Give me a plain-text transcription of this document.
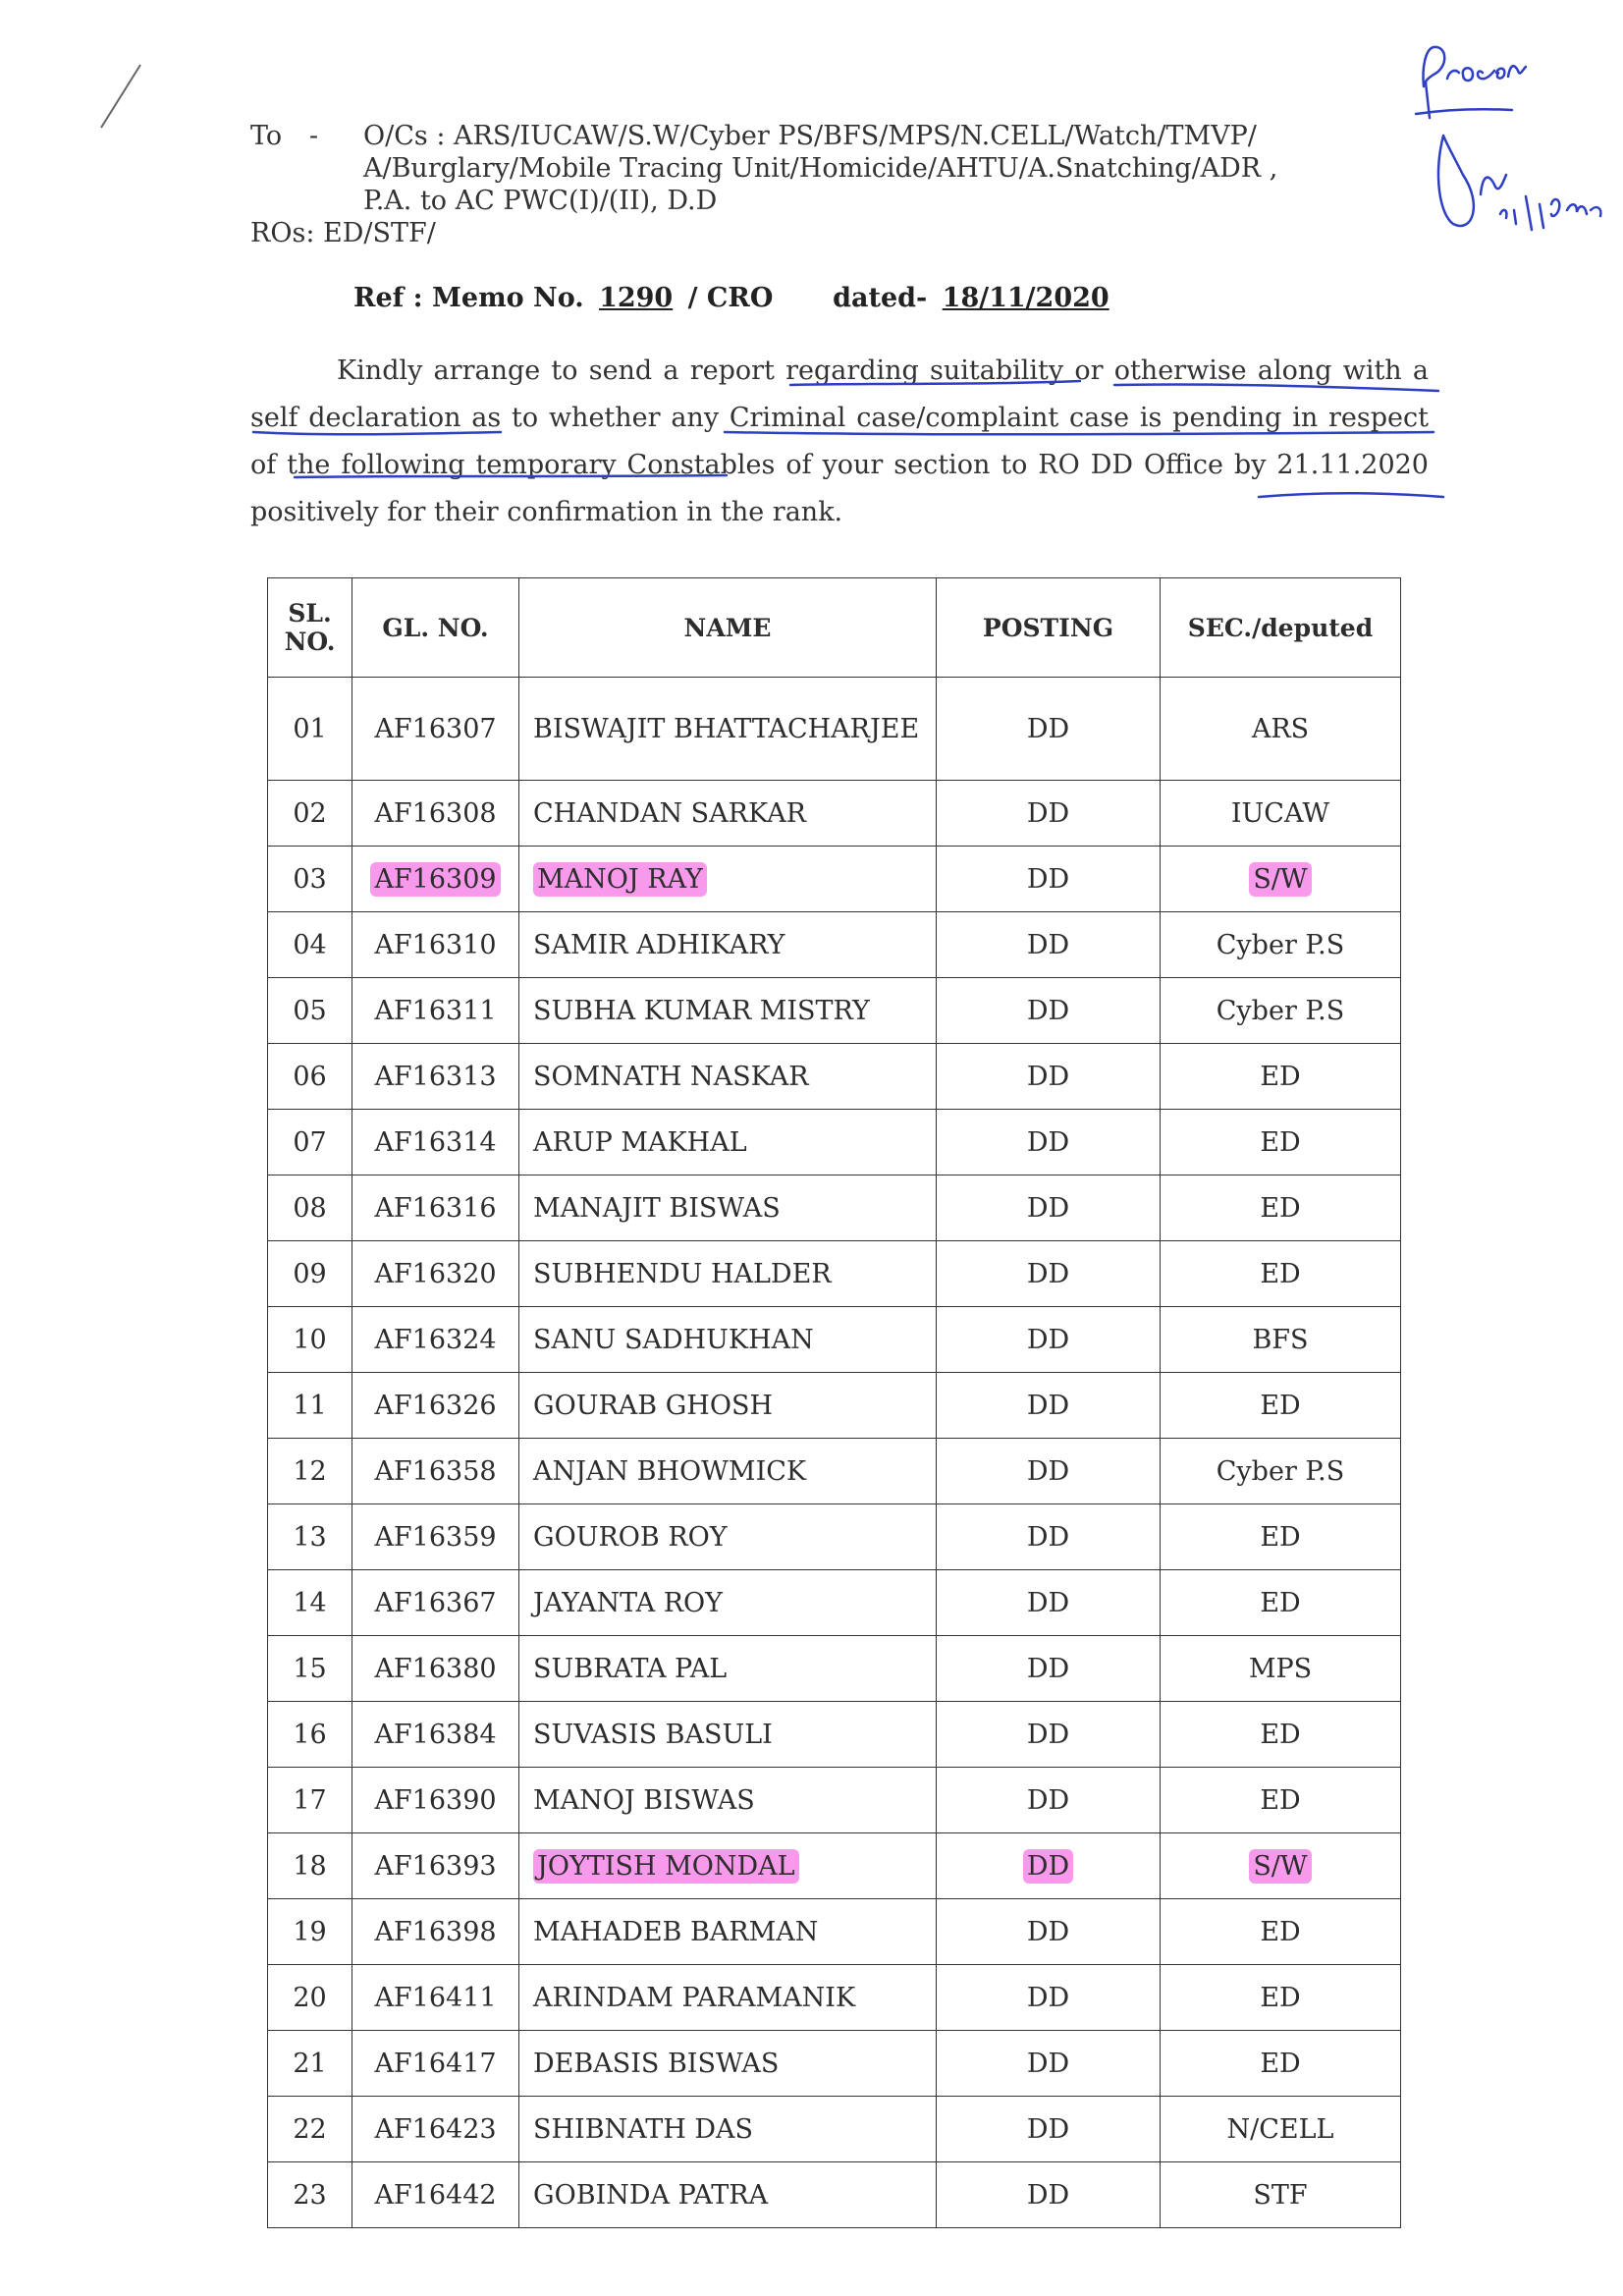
To	-	O/Cs : ARS/IUCAW/S.W/Cyber PS/BFS/MPS/N.CELL/Watch/TMVP/
A/Burglary/Mobile Tracing Unit/Homicide/AHTU/A.Snatching/ADR ,
P.A. to AC PWC(I)/(II), D.D
ROs: ED/STF/
Ref : Memo No. 1290 / CRO dated- 18/11/2020

Kindly arrange to send a report regarding suitability or otherwise along with a self declaration as to whether any Criminal case/complaint case is pending in respect of the following temporary Constables of your section to RO DD Office by 21.11.2020 positively for their confirmation in the rank.

SL. NO.	GL. NO.	NAME	POSTING	SEC./deputed
01	AF16307	BISWAJIT BHATTACHARJEE	DD	ARS
02	AF16308	CHANDAN SARKAR	DD	IUCAW
03	AF16309	MANOJ RAY	DD	S/W
04	AF16310	SAMIR ADHIKARY	DD	Cyber P.S
05	AF16311	SUBHA KUMAR MISTRY	DD	Cyber P.S
06	AF16313	SOMNATH NASKAR	DD	ED
07	AF16314	ARUP MAKHAL	DD	ED
08	AF16316	MANAJIT BISWAS	DD	ED
09	AF16320	SUBHENDU HALDER	DD	ED
10	AF16324	SANU SADHUKHAN	DD	BFS
11	AF16326	GOURAB GHOSH	DD	ED
12	AF16358	ANJAN BHOWMICK	DD	Cyber P.S
13	AF16359	GOUROB ROY	DD	ED
14	AF16367	JAYANTA ROY	DD	ED
15	AF16380	SUBRATA PAL	DD	MPS
16	AF16384	SUVASIS BASULI	DD	ED
17	AF16390	MANOJ BISWAS	DD	ED
18	AF16393	JOYTISH MONDAL	DD	S/W
19	AF16398	MAHADEB BARMAN	DD	ED
20	AF16411	ARINDAM PARAMANIK	DD	ED
21	AF16417	DEBASIS BISWAS	DD	ED
22	AF16423	SHIBNATH DAS	DD	N/CELL
23	AF16442	GOBINDA PATRA	DD	STF
